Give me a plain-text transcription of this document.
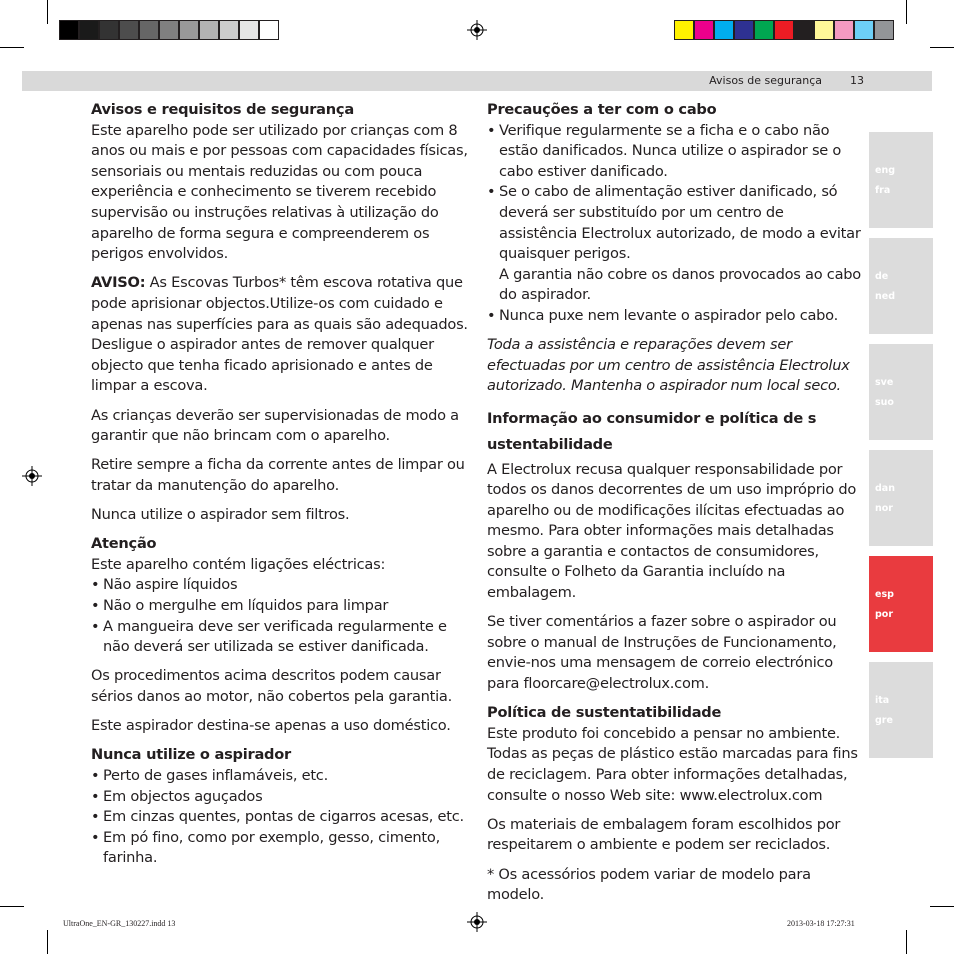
Avisos de segurança	13
Avisos e requisitos de segurança

Este aparelho pode ser utilizado por crianças com 8 anos ou mais e por pessoas com capacidades físicas, sensoriais ou mentais reduzidas ou com pouca experiência e conhecimento se tiverem recebido supervisão ou instruções relativas à utilização do aparelho de forma segura e compreenderem os perigos envolvidos.

AVISO: As Escovas Turbos* têm escova rotativa que pode aprisionar objectos.Utilize-os com cuidado e apenas nas superfícies para as quais são adequados. Desligue o aspirador antes de remover qualquer objecto que tenha ficado aprisionado e antes de limpar a escova.

As crianças deverão ser supervisionadas de modo a garantir que não brincam com o aparelho.

Retire sempre a ficha da corrente antes de limpar ou tratar da manutenção do aparelho.

Nunca utilize o aspirador sem filtros.

Atenção
Este aparelho contém ligações eléctricas:
• Não aspire líquidos
• Não o mergulhe em líquidos para limpar
• A mangueira deve ser verificada regularmente e não deverá ser utilizada se estiver danificada.

Os procedimentos acima descritos podem causar sérios danos ao motor, não cobertos pela garantia.

Este aspirador destina-se apenas a uso doméstico.

Nunca utilize o aspirador
• Perto de gases inflamáveis, etc.
• Em objectos aguçados
• Em cinzas quentes, pontas de cigarros acesas, etc.
• Em pó fino, como por exemplo, gesso, cimento, farinha.
Precauções a ter com o cabo
• Verifique regularmente se a ficha e o cabo não estão danificados. Nunca utilize o aspirador se o cabo estiver danificado.
• Se o cabo de alimentação estiver danificado, só deverá ser substituído por um centro de assistência Electrolux autorizado, de modo a evitar quaisquer perigos.
A garantia não cobre os danos provocados ao cabo do aspirador.
• Nunca puxe nem levante o aspirador pelo cabo.

Toda a assistência e reparações devem ser efectuadas por um centro de assistência Electrolux autorizado. Mantenha o aspirador num local seco.

Informação ao consumidor e política de s ustentabilidade

A Electrolux recusa qualquer responsabilidade por todos os danos decorrentes de um uso impróprio do aparelho ou de modificações ilícitas efectuadas ao mesmo. Para obter informações mais detalhadas sobre a garantia e contactos de consumidores, consulte o Folheto da Garantia incluído na embalagem.

Se tiver comentários a fazer sobre o aspirador ou sobre o manual de Instruções de Funcionamento, envie-nos uma mensagem de correio electrónico para floorcare@electrolux.com.

Política de sustentatibilidade

Este produto foi concebido a pensar no ambiente. Todas as peças de plástico estão marcadas para fins de reciclagem. Para obter informações detalhadas, consulte o nosso Web site: www.electrolux.com

Os materiais de embalagem foram escolhidos por respeitarem o ambiente e podem ser reciclados.

* Os acessórios podem variar de modelo para modelo.

eng
fra
de
ned
sve
suo
dan
nor
esp
por
ita
gre
UltraOne_EN-GR_130227.indd 13	2013-03-18 17:27:31
